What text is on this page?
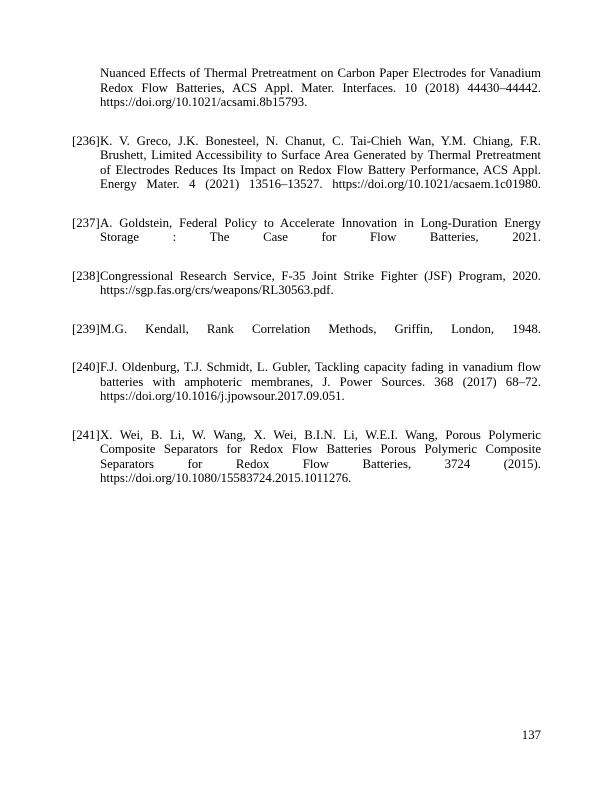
Nuanced Effects of Thermal Pretreatment on Carbon Paper Electrodes for Vanadium Redox Flow Batteries, ACS Appl. Mater. Interfaces. 10 (2018) 44430–44442. https://doi.org/10.1021/acsami.8b15793.
[236] K. V. Greco, J.K. Bonesteel, N. Chanut, C. Tai-Chieh Wan, Y.M. Chiang, F.R. Brushett, Limited Accessibility to Surface Area Generated by Thermal Pretreatment of Electrodes Reduces Its Impact on Redox Flow Battery Performance, ACS Appl. Energy Mater. 4 (2021) 13516–13527. https://doi.org/10.1021/acsaem.1c01980.
[237] A. Goldstein, Federal Policy to Accelerate Innovation in Long-Duration Energy Storage : The Case for Flow Batteries, 2021.
[238] Congressional Research Service, F-35 Joint Strike Fighter (JSF) Program, 2020. https://sgp.fas.org/crs/weapons/RL30563.pdf.
[239] M.G. Kendall, Rank Correlation Methods, Griffin, London, 1948.
[240] F.J. Oldenburg, T.J. Schmidt, L. Gubler, Tackling capacity fading in vanadium flow batteries with amphoteric membranes, J. Power Sources. 368 (2017) 68–72. https://doi.org/10.1016/j.jpowsour.2017.09.051.
[241] X. Wei, B. Li, W. Wang, X. Wei, B.I.N. Li, W.E.I. Wang, Porous Polymeric Composite Separators for Redox Flow Batteries Porous Polymeric Composite Separators for Redox Flow Batteries, 3724 (2015). https://doi.org/10.1080/15583724.2015.1011276.
137
